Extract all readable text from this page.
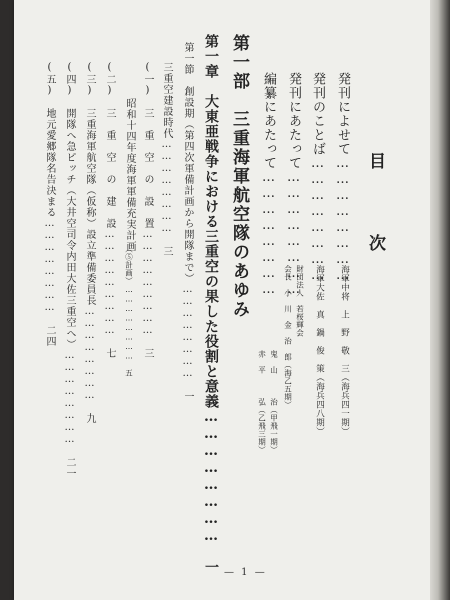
目　次
発刊によせて……………………
海軍中将　上　野　敬　三（海兵四一期）
発刊のことば……………………
海軍大佐　真　鍋　俊　策（海兵四八期）
発刊にあたって……………………
財団法人　若桜輝会
会長　小　川　金　治　郎（海乙五期）
編纂にあたって……………………
鬼　山　　　治（甲飛一期）
赤　平　　　弘（乙飛三期）
第一部　三重海軍航空隊のあゆみ
第一章　大東亜戦争における三重空の果した役割と意義……………………　一
第一節　創設期（第四次軍備計画から開隊まで）……………………　一
三重空建設時代……………………　三
(一)　三　重　空　の　設　置………………………　三
昭和十四年度海軍軍備充実計画
（⑤計画）……………………　五
(二)　三　重　空　の　建　設………………………　七
(三)　三重海軍航空隊（仮称）設立準備委員長……………………　九
(四)　開隊へ急ピッチ（大井空司令内田大佐三重空へ）……………………　二一
(五)　地元愛郷隊名告決まる……………………　二四
— 1 —
